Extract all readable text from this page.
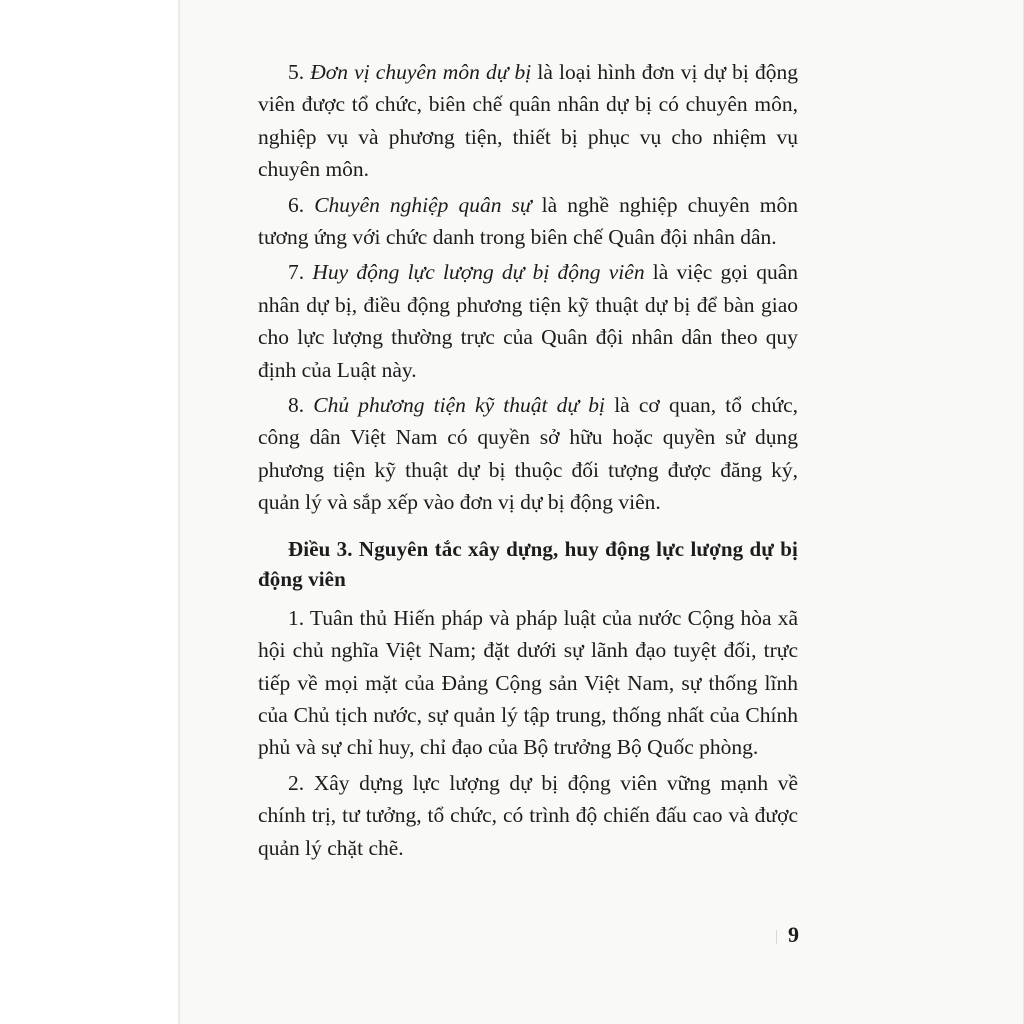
5. Đơn vị chuyên môn dự bị là loại hình đơn vị dự bị động viên được tổ chức, biên chế quân nhân dự bị có chuyên môn, nghiệp vụ và phương tiện, thiết bị phục vụ cho nhiệm vụ chuyên môn.

6. Chuyên nghiệp quân sự là nghề nghiệp chuyên môn tương ứng với chức danh trong biên chế Quân đội nhân dân.

7. Huy động lực lượng dự bị động viên là việc gọi quân nhân dự bị, điều động phương tiện kỹ thuật dự bị để bàn giao cho lực lượng thường trực của Quân đội nhân dân theo quy định của Luật này.

8. Chủ phương tiện kỹ thuật dự bị là cơ quan, tổ chức, công dân Việt Nam có quyền sở hữu hoặc quyền sử dụng phương tiện kỹ thuật dự bị thuộc đối tượng được đăng ký, quản lý và sắp xếp vào đơn vị dự bị động viên.

Điều 3. Nguyên tắc xây dựng, huy động lực lượng dự bị động viên

1. Tuân thủ Hiến pháp và pháp luật của nước Cộng hòa xã hội chủ nghĩa Việt Nam; đặt dưới sự lãnh đạo tuyệt đối, trực tiếp về mọi mặt của Đảng Cộng sản Việt Nam, sự thống lĩnh của Chủ tịch nước, sự quản lý tập trung, thống nhất của Chính phủ và sự chỉ huy, chỉ đạo của Bộ trưởng Bộ Quốc phòng.

2. Xây dựng lực lượng dự bị động viên vững mạnh về chính trị, tư tưởng, tổ chức, có trình độ chiến đấu cao và được quản lý chặt chẽ.

9
